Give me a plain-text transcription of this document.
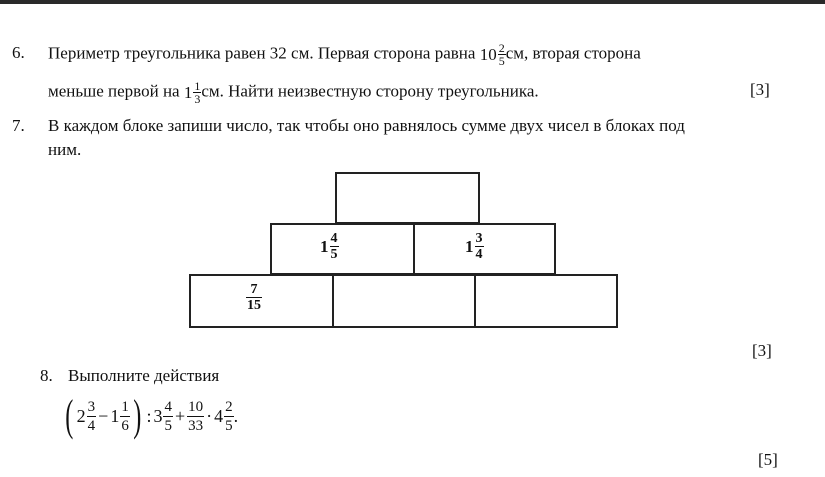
6. Периметр треугольника равен 32 см. Первая сторона равна $10 \frac{2}{5}$ см, вторая сторона
меньше первой на $1 \frac{1}{3}$ см. Найти неизвестную сторону треугольника.	[3]
7. В каждом блоке запиши число, так чтобы оно равнялось сумме двух чисел в блоках под
ним.
$1 \frac{4}{5}$	$1 \frac{3}{4}$
$\frac{7}{15}$
[3]
8. Выполните действия
( $2 \frac{3}{4} - 1 \frac{1}{6}$ ) : $3 \frac{4}{5} + \frac{10}{33} \cdot 4 \frac{2}{5}$ .
[5]
